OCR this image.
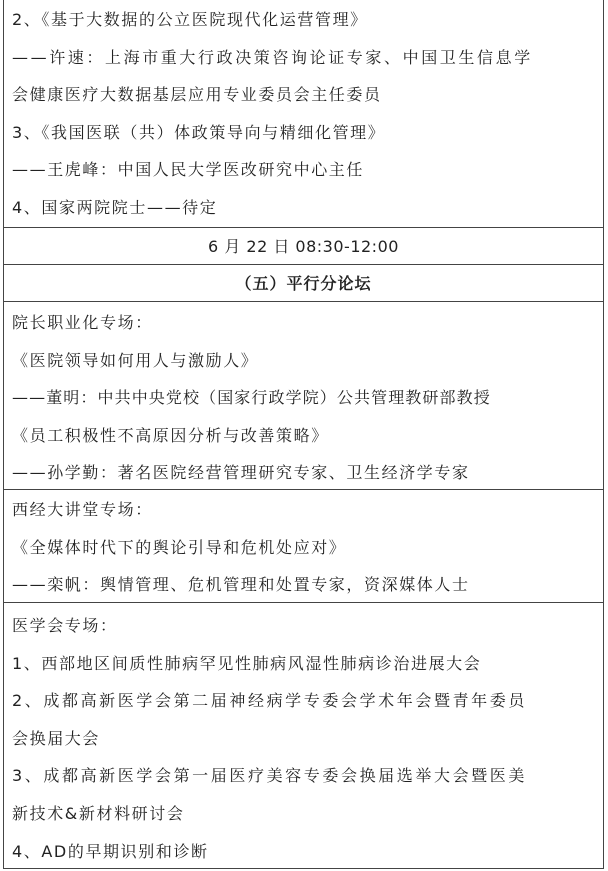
2、《基于大数据的公立医院现代化运营管理》
——许速：上海市重大行政决策咨询论证专家、中国卫生信息学
会健康医疗大数据基层应用专业委员会主任委员
3、《我国医联（共）体政策导向与精细化管理》
——王虎峰：中国人民大学医改研究中心主任
4、国家两院院士——待定
6 月 22 日 08:30-12:00
（五）平行分论坛
院长职业化专场：
《医院领导如何用人与激励人》
——董明：中共中央党校（国家行政学院）公共管理教研部教授
《员工积极性不高原因分析与改善策略》
——孙学勤：著名医院经营管理研究专家、卫生经济学专家
西经大讲堂专场：
《全媒体时代下的舆论引导和危机处应对》
——栾帆：舆情管理、危机管理和处置专家，资深媒体人士
医学会专场：
1、西部地区间质性肺病罕见性肺病风湿性肺病诊治进展大会
2、成都高新医学会第二届神经病学专委会学术年会暨青年委员
会换届大会
3、成都高新医学会第一届医疗美容专委会换届选举大会暨医美
新技术&新材料研讨会
4、AD的早期识别和诊断
